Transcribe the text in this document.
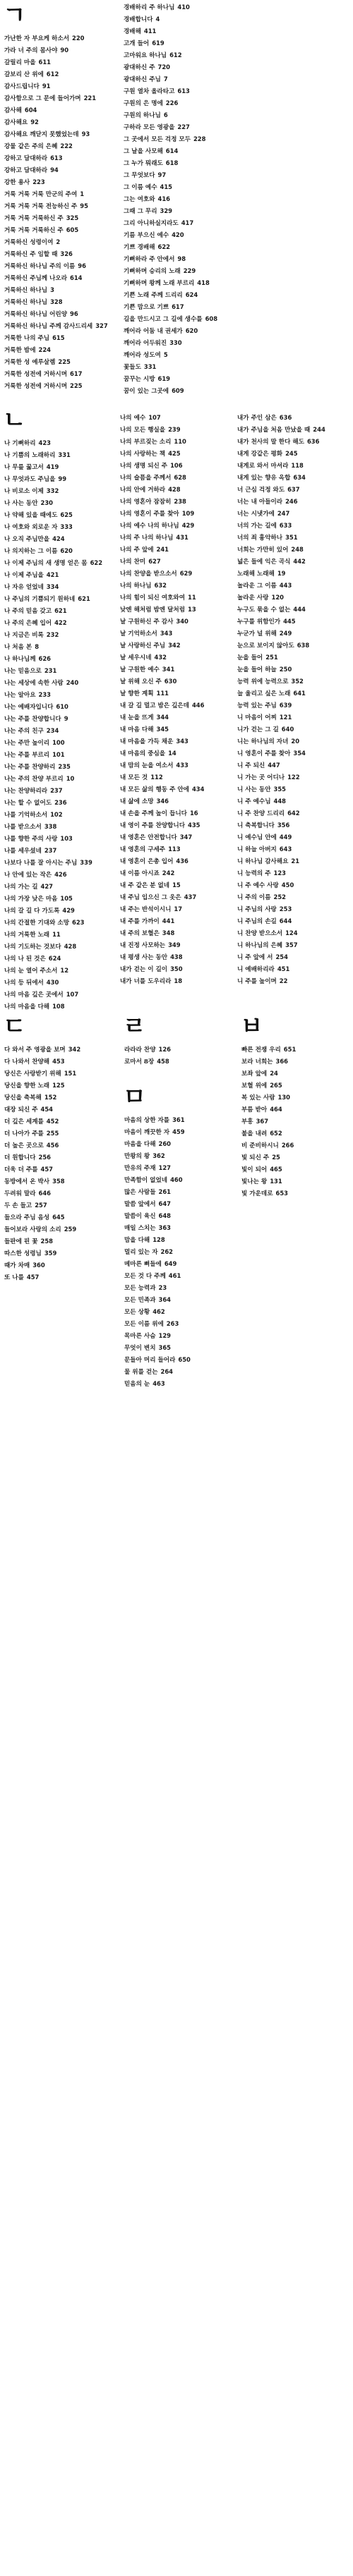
ㄱ
가난한 자 부요케 하소서 220
가라 너 주의 몸사야 90
갈릴리 마을 611
갈보리 산 위에 612
감사드립니다 91
감사함으로 그 문에 들어가며 221
감사해 604
감사해요 92
감사해요 깨닫지 못했었는데 93
강물 같은 주의 은혜 222
강하고 담대하라 613
강하고 담대하라 94
강한 용사 223
거룩 거룩 거룩 만군의 주여 1
거룩 거룩 거룩 전능하신 주 95
거룩 거룩 거룩하신 주 325
거룩 거룩 거룩하신 주 605
거룩하신 성령이여 2
거룩하신 주 임할 때 326
거룩하신 하나님 주의 이름 96
거룩하신 주님께 나오라 614
거룩하신 하나님 3
거룩하신 하나님 328
거룩하신 하나님 어린양 96
거룩하신 하나님 주께 감사드리세 327
거룩한 나의 주님 615
거룩한 밤에 224
거룩한 성 예루살렘 225
거룩한 성전에 거하시며 617
거룩한 성전에 거하시며 225
경배하리 주 하나님 410
경배합니다 4
경배해 411
고개 들어 619
고마워요 하나님 612
광대하신 주 720
광대하신 주님 7
구원 열차 올라타고 613
구원의 은 명에 226
구원의 하나님 6
구하라 모든 영광을 227
그 곳에서 모든 걱정 모두 228
그 날을 사모해 614
그 누가 뭐래도 618
그 무엇보다 97
그 이름 예수 415
그는 여호와 416
그때 그 무리 329
그리 아니하실지라도 417
기름 부으신 예수 420
기쁘 경배해 622
기뻐하라 주 안에서 98
기뻐하며 승리의 노래 229
기뻐하며 왕께 노래 부르리 418
기쁜 노래 주께 드리리 624
기쁜 맘으로 기쁘 617
길을 만드시고 그 길에 생수를 608
깨어라 어둠 내 권세가 620
깨어라 어두워진 330
깨어라 성도여 5
꽃들도 331
꿈꾸는 시방 619
꿈이 있는 그곳에 609
ㄴ
나 기뻐하리 423
나 기쁨의 노래하리 331
나 무릎 꿇고서 419
나 무엇과도 주님을 99
나 비로소 이제 332
나 사는 동안 230
나 약해 있을 때에도 625
나 여호와 외로운 자 333
나 오직 주님만을 424
나 의지하는 그 이름 620
나 이제 주님의 새 생명 얻은 몸 622
나 이제 주님을 421
나 자유 얻었네 334
나 주님의 기쁨되기 원하네 621
나 주의 믿음 갖고 621
나 주의 은혜 입어 422
나 지금은 비록 232
나 처음 본 8
나 하나님께 626
나는 믿음으로 231
나는 세상에 속한 사람 240
나는 알아요 233
나는 예배자입니다 610
나는 주를 찬양합니다 9
나는 주의 친구 234
나는 주만 높이리 100
나는 주를 부르리 101
나는 주를 찬양하리 235
나는 주의 찬양 부르리 10
나는 찬양하리라 237
나는 할 수 없어도 236
나를 기억하소서 102
나를 받으소서 338
나를 향한 주의 사랑 103
나를 세우셨네 237
나보다 나를 잘 아시는 주님 339
나 안에 있는 작은 426
나의 가는 길 427
나의 가장 낮은 마음 105
나의 갈 길 다 가도록 429
나의 간절한 기대와 소망 623
나의 거룩한 노래 11
나의 기도하는 것보다 428
나의 나 된 것은 624
나의 눈 열어 주소서 12
나의 등 뒤에서 430
나의 마음 깊은 곳에서 107
나의 마음을 다해 108
나의 예수 107
나의 모든 행실을 239
나의 부르짖는 소리 110
나의 사랑하는 책 425
나의 생명 되신 주 106
나의 슬픔을 주께서 628
나의 안에 거하라 428
나의 영혼아 잠잠히 238
나의 영혼이 주를 찾아 109
나의 예수 나의 하나님 429
나의 주 나의 하나님 431
나의 주 앞에 241
나의 찬미 627
나의 찬양을 받으소서 629
나의 하나님 632
나의 힘이 되신 여호와여 11
낮엔 해처럼 밤엔 달처럼 13
날 구원하신 주 감사 340
날 기억하소서 343
날 사랑하신 주님 342
날 세우시네 432
날 구원한 예수 341
날 위해 오신 주 630
날 향한 계획 111
내 갈 길 멀고 밤은 깊은데 446
내 눈을 뜨게 344
내 마음 다해 345
내 마음을 가득 채운 343
내 마음의 중심을 14
내 맘의 눈을 여소서 433
내 모든 것 112
내 모든 삶의 행동 주 안에 434
내 삶에 소망 346
내 손을 주께 높이 듭니다 16
내 영이 주를 찬양합니다 435
내 영혼은 안전합니다 347
내 영혼의 구세주 113
내 영혼이 은총 입어 436
내 이름 아시죠 242
내 주 같은 분 없네 15
내 주님 입으신 그 옷은 437
내 주는 반석이시니 17
내 주를 가까이 441
내 주의 보혈은 348
내 진정 사모하는 349
내 평생 사는 동안 438
내가 걷는 이 길이 350
내가 너를 도우리라 18
내가 주인 삼은 636
내가 주님을 처음 만났을 때 244
내가 천사의 말 한다 해도 636
내게 강같은 평화 245
내게로 와서 마셔라 118
내게 있는 향유 옥합 634
너 근심 걱정 와도 637
너는 내 아들이라 246
너는 시냇가에 247
너의 가는 길에 633
너의 죄 흉악하나 351
너희는 가만히 있어 248
넓은 들에 익은 곡식 442
노래해 노래해 19
놀라운 그 이름 443
놀라운 사랑 120
누구도 묶을 수 없는 444
누구를 위함인가 445
누군가 널 위해 249
눈으로 보이지 않아도 638
눈을 들어 251
눈을 들어 하늘 250
능력 위에 능력으로 352
늘 울리고 싶은 노래 641
능력 있는 주님 639
니 마음이 어찌 121
니가 걷는 그 길 640
니는 하나님의 자녀 20
니 영혼이 주를 찾아 354
니 주 되신 447
니 가는 곳 어디나 122
니 사는 동안 355
니 주 예수님 448
니 주 찬양 드리리 642
니 축복합니다 356
니 예수님 안에 449
니 하늘 아버지 643
니 하나님 감사해요 21
니 능력의 주 123
니 주 예수 사랑 450
니 주의 이름 252
니 주님의 사랑 253
니 주님의 손길 644
니 찬양 받으소서 124
니 하나님의 은혜 357
니 주 앞에 서 254
니 예배하리라 451
니 주를 높이며 22
ㄷ
다 와서 주 영광을 보며 342
다 나와서 찬양해 453
당신은 사랑받기 위해 151
당신을 향한 노래 125
당신을 축복해 152
대장 되신 주 454
더 깊은 세계를 452
더 나아가 주를 255
더 높은 곳으로 456
더 원합니다 256
더욱 더 주를 457
동방에서 온 박사 358
두려워 말라 646
두 손 들고 257
들으라 주님 음성 645
들어보라 사랑의 소리 259
들판에 핀 꽃 258
따스한 성령님 359
때가 차매 360
또 나를 457
ㄹ
라라라 찬양 126
로마서 8장 458
ㅁ
마음의 상한 자를 361
마음이 깨끗한 자 459
마음을 다해 260
만왕의 왕 362
만유의 주재 127
만족함이 없었네 460
많은 사람들 261
말씀 앞에서 647
말씀이 육신 648
매일 스치는 363
맘을 다해 128
멀리 있는 자 262
메마른 뼈들에 649
모든 것 다 주께 461
모든 능력과 23
모든 민족과 364
모든 상황 462
모든 이름 위에 263
목마른 사슴 129
무엇이 변치 365
문들아 머리 들어라 650
물 위를 걷는 264
믿음의 눈 463
ㅂ
빠른 전쟁 우리 651
보라 너희는 366
보좌 앞에 24
보혈 위에 265
복 있는 사람 130
부름 받아 464
부흥 367
불을 내려 652
비 준비하시니 266
빛 되신 주 25
빛이 되어 465
빛나는 왕 131
빛 가운데로 653
